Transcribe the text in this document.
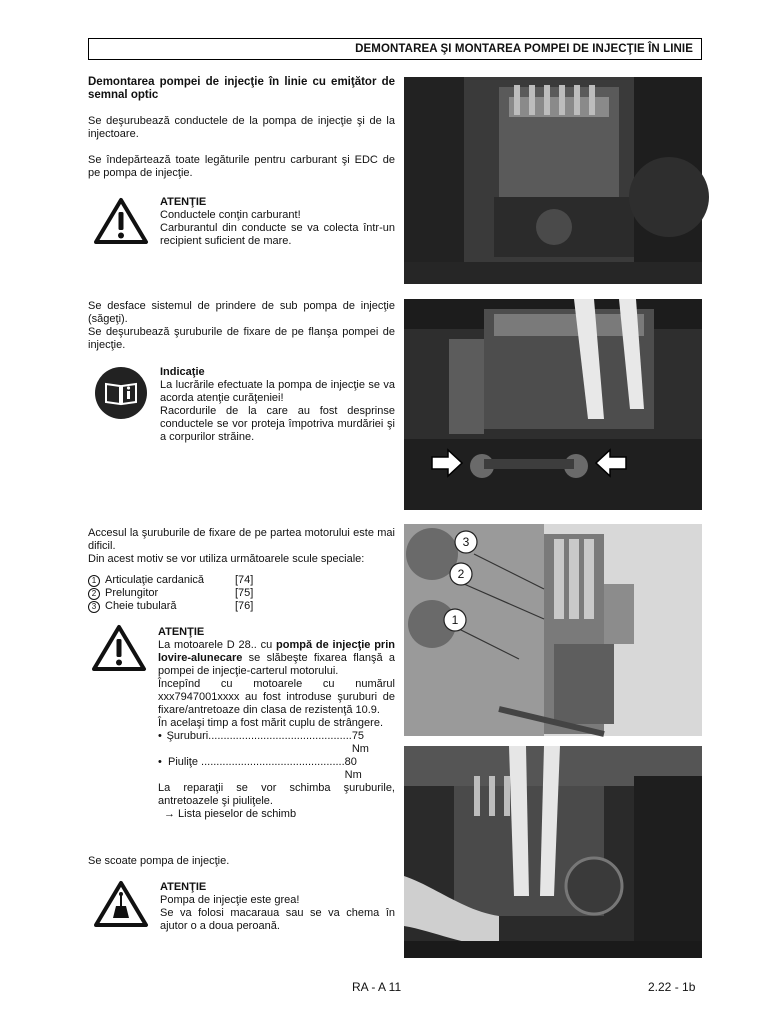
DEMONTAREA ŞI MONTAREA POMPEI DE INJECŢIE ÎN LINIE

Demontarea pompei de injecţie în linie cu emiţător de semnal optic

Se deşurubează conductele de la pompa de injecţie şi de la injectoare.

Se îndepărtează toate legăturile pentru carburant şi EDC de pe pompa de injecţie.

ATENŢIE

Conductele conţin carburant!

Carburantul din conducte se va colecta într-un recipient suficient de mare.

Se desface sistemul de prindere de sub pompa de injecţie (săgeţi).

Se deşurubează şuruburile de fixare de pe flanşa pompei de injecţie.

Indicaţie

La lucrările efectuate la pompa de injecţie se va acorda atenţie curăţeniei!

Racordurile de la care au fost desprinse conductele se vor proteja împotriva murdăriei şi a corpurilor străine.

Accesul la şuruburile de fixare de pe partea motorului este mai dificil.

Din acest motiv se vor utiliza următoarele scule speciale:

1 Articulaţie cardanică	[74]
2 Prelungitor	[75]
3 Cheie tubulară	[76]

ATENŢIE

La motoarele D 28.. cu pompă de injecţie prin lovire-alunecare se slăbeşte fixarea flanşă a pompei de injecţie-carterul motorului.

Începînd cu motoarele cu numărul xxx7947001xxxx au fost introduse şuruburi de fixare/antretoaze din clasa de rezistenţă 10.9.

În acelaşi timp a fost mărit cuplu de strângere.

• Şuruburi............................................... 75 Nm
• Piuliţe ............................................... 80 Nm

La reparaţii se vor schimba şuruburile, antretoazele şi piuliţele.

→ Lista pieselor de schimb

3
2
1

Se scoate pompa de injecţie.

ATENŢIE

Pompa de injecţie este grea!

Se va folosi macaraua sau se va chema în ajutor o a doua peroană.

RA - A 11	2.22 - 1b
